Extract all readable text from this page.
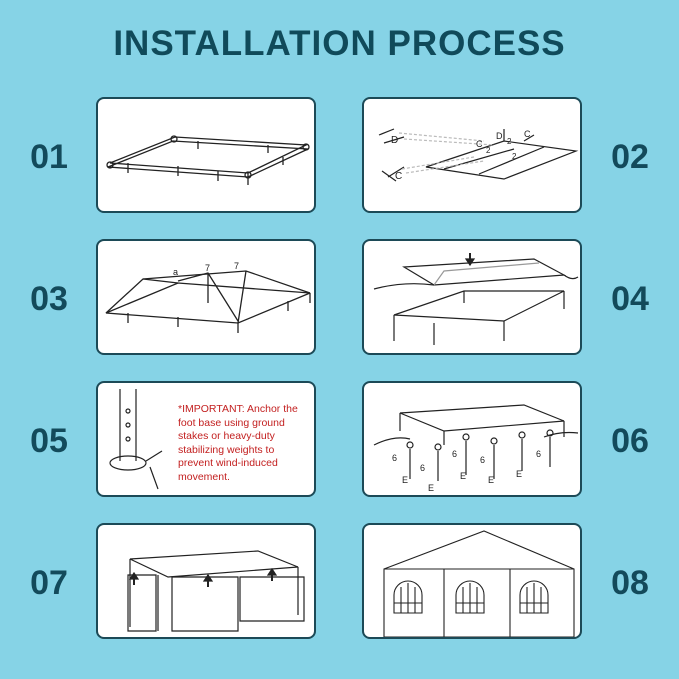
INSTALLATION PROCESS
01	02
03	04
05	06
07	08
D
C
D
C
C
2
2
2
a	7	7
*IMPORTANT: Anchor the foot base using ground stakes or heavy-duty stabilizing weights to prevent wind-induced movement.
6
6
6
6
6
E
E
E E
E
